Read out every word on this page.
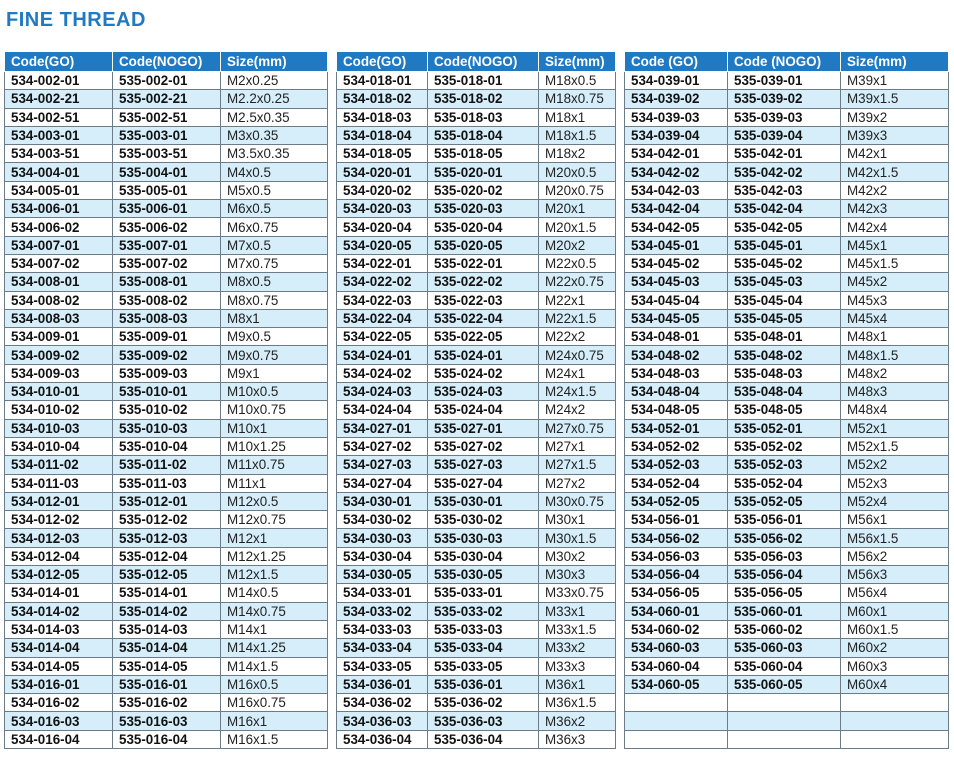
FINE THREAD
Code(GO)	Code(NOGO)	Size(mm)
534-002-01	535-002-01	M2x0.25
534-002-21	535-002-21	M2.2x0.25
534-002-51	535-002-51	M2.5x0.35
534-003-01	535-003-01	M3x0.35
534-003-51	535-003-51	M3.5x0.35
534-004-01	535-004-01	M4x0.5
534-005-01	535-005-01	M5x0.5
534-006-01	535-006-01	M6x0.5
534-006-02	535-006-02	M6x0.75
534-007-01	535-007-01	M7x0.5
534-007-02	535-007-02	M7x0.75
534-008-01	535-008-01	M8x0.5
534-008-02	535-008-02	M8x0.75
534-008-03	535-008-03	M8x1
534-009-01	535-009-01	M9x0.5
534-009-02	535-009-02	M9x0.75
534-009-03	535-009-03	M9x1
534-010-01	535-010-01	M10x0.5
534-010-02	535-010-02	M10x0.75
534-010-03	535-010-03	M10x1
534-010-04	535-010-04	M10x1.25
534-011-02	535-011-02	M11x0.75
534-011-03	535-011-03	M11x1
534-012-01	535-012-01	M12x0.5
534-012-02	535-012-02	M12x0.75
534-012-03	535-012-03	M12x1
534-012-04	535-012-04	M12x1.25
534-012-05	535-012-05	M12x1.5
534-014-01	535-014-01	M14x0.5
534-014-02	535-014-02	M14x0.75
534-014-03	535-014-03	M14x1
534-014-04	535-014-04	M14x1.25
534-014-05	535-014-05	M14x1.5
534-016-01	535-016-01	M16x0.5
534-016-02	535-016-02	M16x0.75
534-016-03	535-016-03	M16x1
534-016-04	535-016-04	M16x1.5
Code(GO)	Code(NOGO)	Size(mm)
534-018-01	535-018-01	M18x0.5
534-018-02	535-018-02	M18x0.75
534-018-03	535-018-03	M18x1
534-018-04	535-018-04	M18x1.5
534-018-05	535-018-05	M18x2
534-020-01	535-020-01	M20x0.5
534-020-02	535-020-02	M20x0.75
534-020-03	535-020-03	M20x1
534-020-04	535-020-04	M20x1.5
534-020-05	535-020-05	M20x2
534-022-01	535-022-01	M22x0.5
534-022-02	535-022-02	M22x0.75
534-022-03	535-022-03	M22x1
534-022-04	535-022-04	M22x1.5
534-022-05	535-022-05	M22x2
534-024-01	535-024-01	M24x0.75
534-024-02	535-024-02	M24x1
534-024-03	535-024-03	M24x1.5
534-024-04	535-024-04	M24x2
534-027-01	535-027-01	M27x0.75
534-027-02	535-027-02	M27x1
534-027-03	535-027-03	M27x1.5
534-027-04	535-027-04	M27x2
534-030-01	535-030-01	M30x0.75
534-030-02	535-030-02	M30x1
534-030-03	535-030-03	M30x1.5
534-030-04	535-030-04	M30x2
534-030-05	535-030-05	M30x3
534-033-01	535-033-01	M33x0.75
534-033-02	535-033-02	M33x1
534-033-03	535-033-03	M33x1.5
534-033-04	535-033-04	M33x2
534-033-05	535-033-05	M33x3
534-036-01	535-036-01	M36x1
534-036-02	535-036-02	M36x1.5
534-036-03	535-036-03	M36x2
534-036-04	535-036-04	M36x3
Code (GO)	Code (NOGO)	Size(mm)
534-039-01	535-039-01	M39x1
534-039-02	535-039-02	M39x1.5
534-039-03	535-039-03	M39x2
534-039-04	535-039-04	M39x3
534-042-01	535-042-01	M42x1
534-042-02	535-042-02	M42x1.5
534-042-03	535-042-03	M42x2
534-042-04	535-042-04	M42x3
534-042-05	535-042-05	M42x4
534-045-01	535-045-01	M45x1
534-045-02	535-045-02	M45x1.5
534-045-03	535-045-03	M45x2
534-045-04	535-045-04	M45x3
534-045-05	535-045-05	M45x4
534-048-01	535-048-01	M48x1
534-048-02	535-048-02	M48x1.5
534-048-03	535-048-03	M48x2
534-048-04	535-048-04	M48x3
534-048-05	535-048-05	M48x4
534-052-01	535-052-01	M52x1
534-052-02	535-052-02	M52x1.5
534-052-03	535-052-03	M52x2
534-052-04	535-052-04	M52x3
534-052-05	535-052-05	M52x4
534-056-01	535-056-01	M56x1
534-056-02	535-056-02	M56x1.5
534-056-03	535-056-03	M56x2
534-056-04	535-056-04	M56x3
534-056-05	535-056-05	M56x4
534-060-01	535-060-01	M60x1
534-060-02	535-060-02	M60x1.5
534-060-03	535-060-03	M60x2
534-060-04	535-060-04	M60x3
534-060-05	535-060-05	M60x4
